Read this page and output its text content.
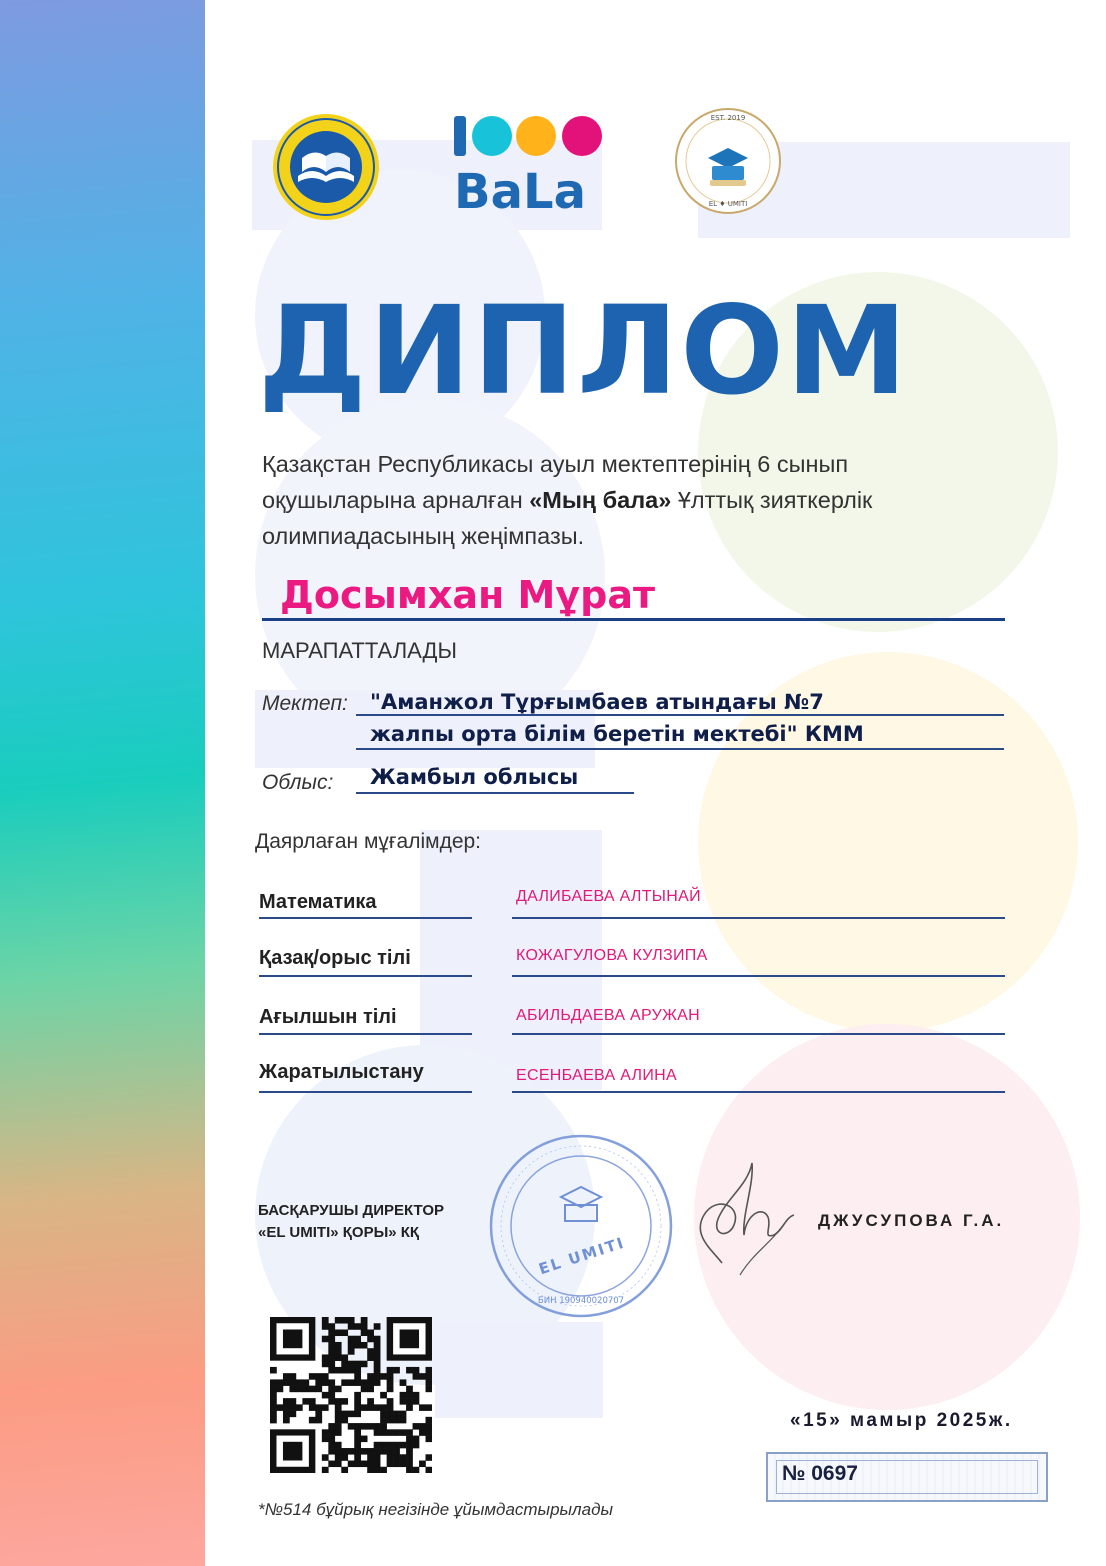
BaLa
EST. 2019
EL ♦ UMITI
ДИПЛОМ
Қазақстан Республикасы ауыл мектептерінің 6 сынып
оқушыларына арналған «Мың бала» Ұлттық зияткерлік
олимпиадасының жеңімпазы.
Досымхан Мұрат
МАРАПАТТАЛАДЫ
Мектеп: "Аманжол Тұрғымбаев атындағы №7
жалпы орта білім беретін мектебі" КММ
Облыс: Жамбыл облысы
Даярлаған мұғалімдер:
Математика	ДАЛИБАЕВА АЛТЫНАЙ
Қазақ/орыс тілі	КОЖАГУЛОВА КУЛЗИПА
Ағылшын тілі	АБИЛЬДАЕВА АРУЖАН
Жаратылыстану	ЕСЕНБАЕВА АЛИНА
БАСҚАРУШЫ ДИРЕКТОР
«EL UMITI» ҚОРЫ» КҚ
EL UMITI
БИН 190940020707
ДЖУСУПОВА Г.А.
«15» мамыр 2025ж.
№ 0697
*№514 бұйрық негізінде ұйымдастырылады
